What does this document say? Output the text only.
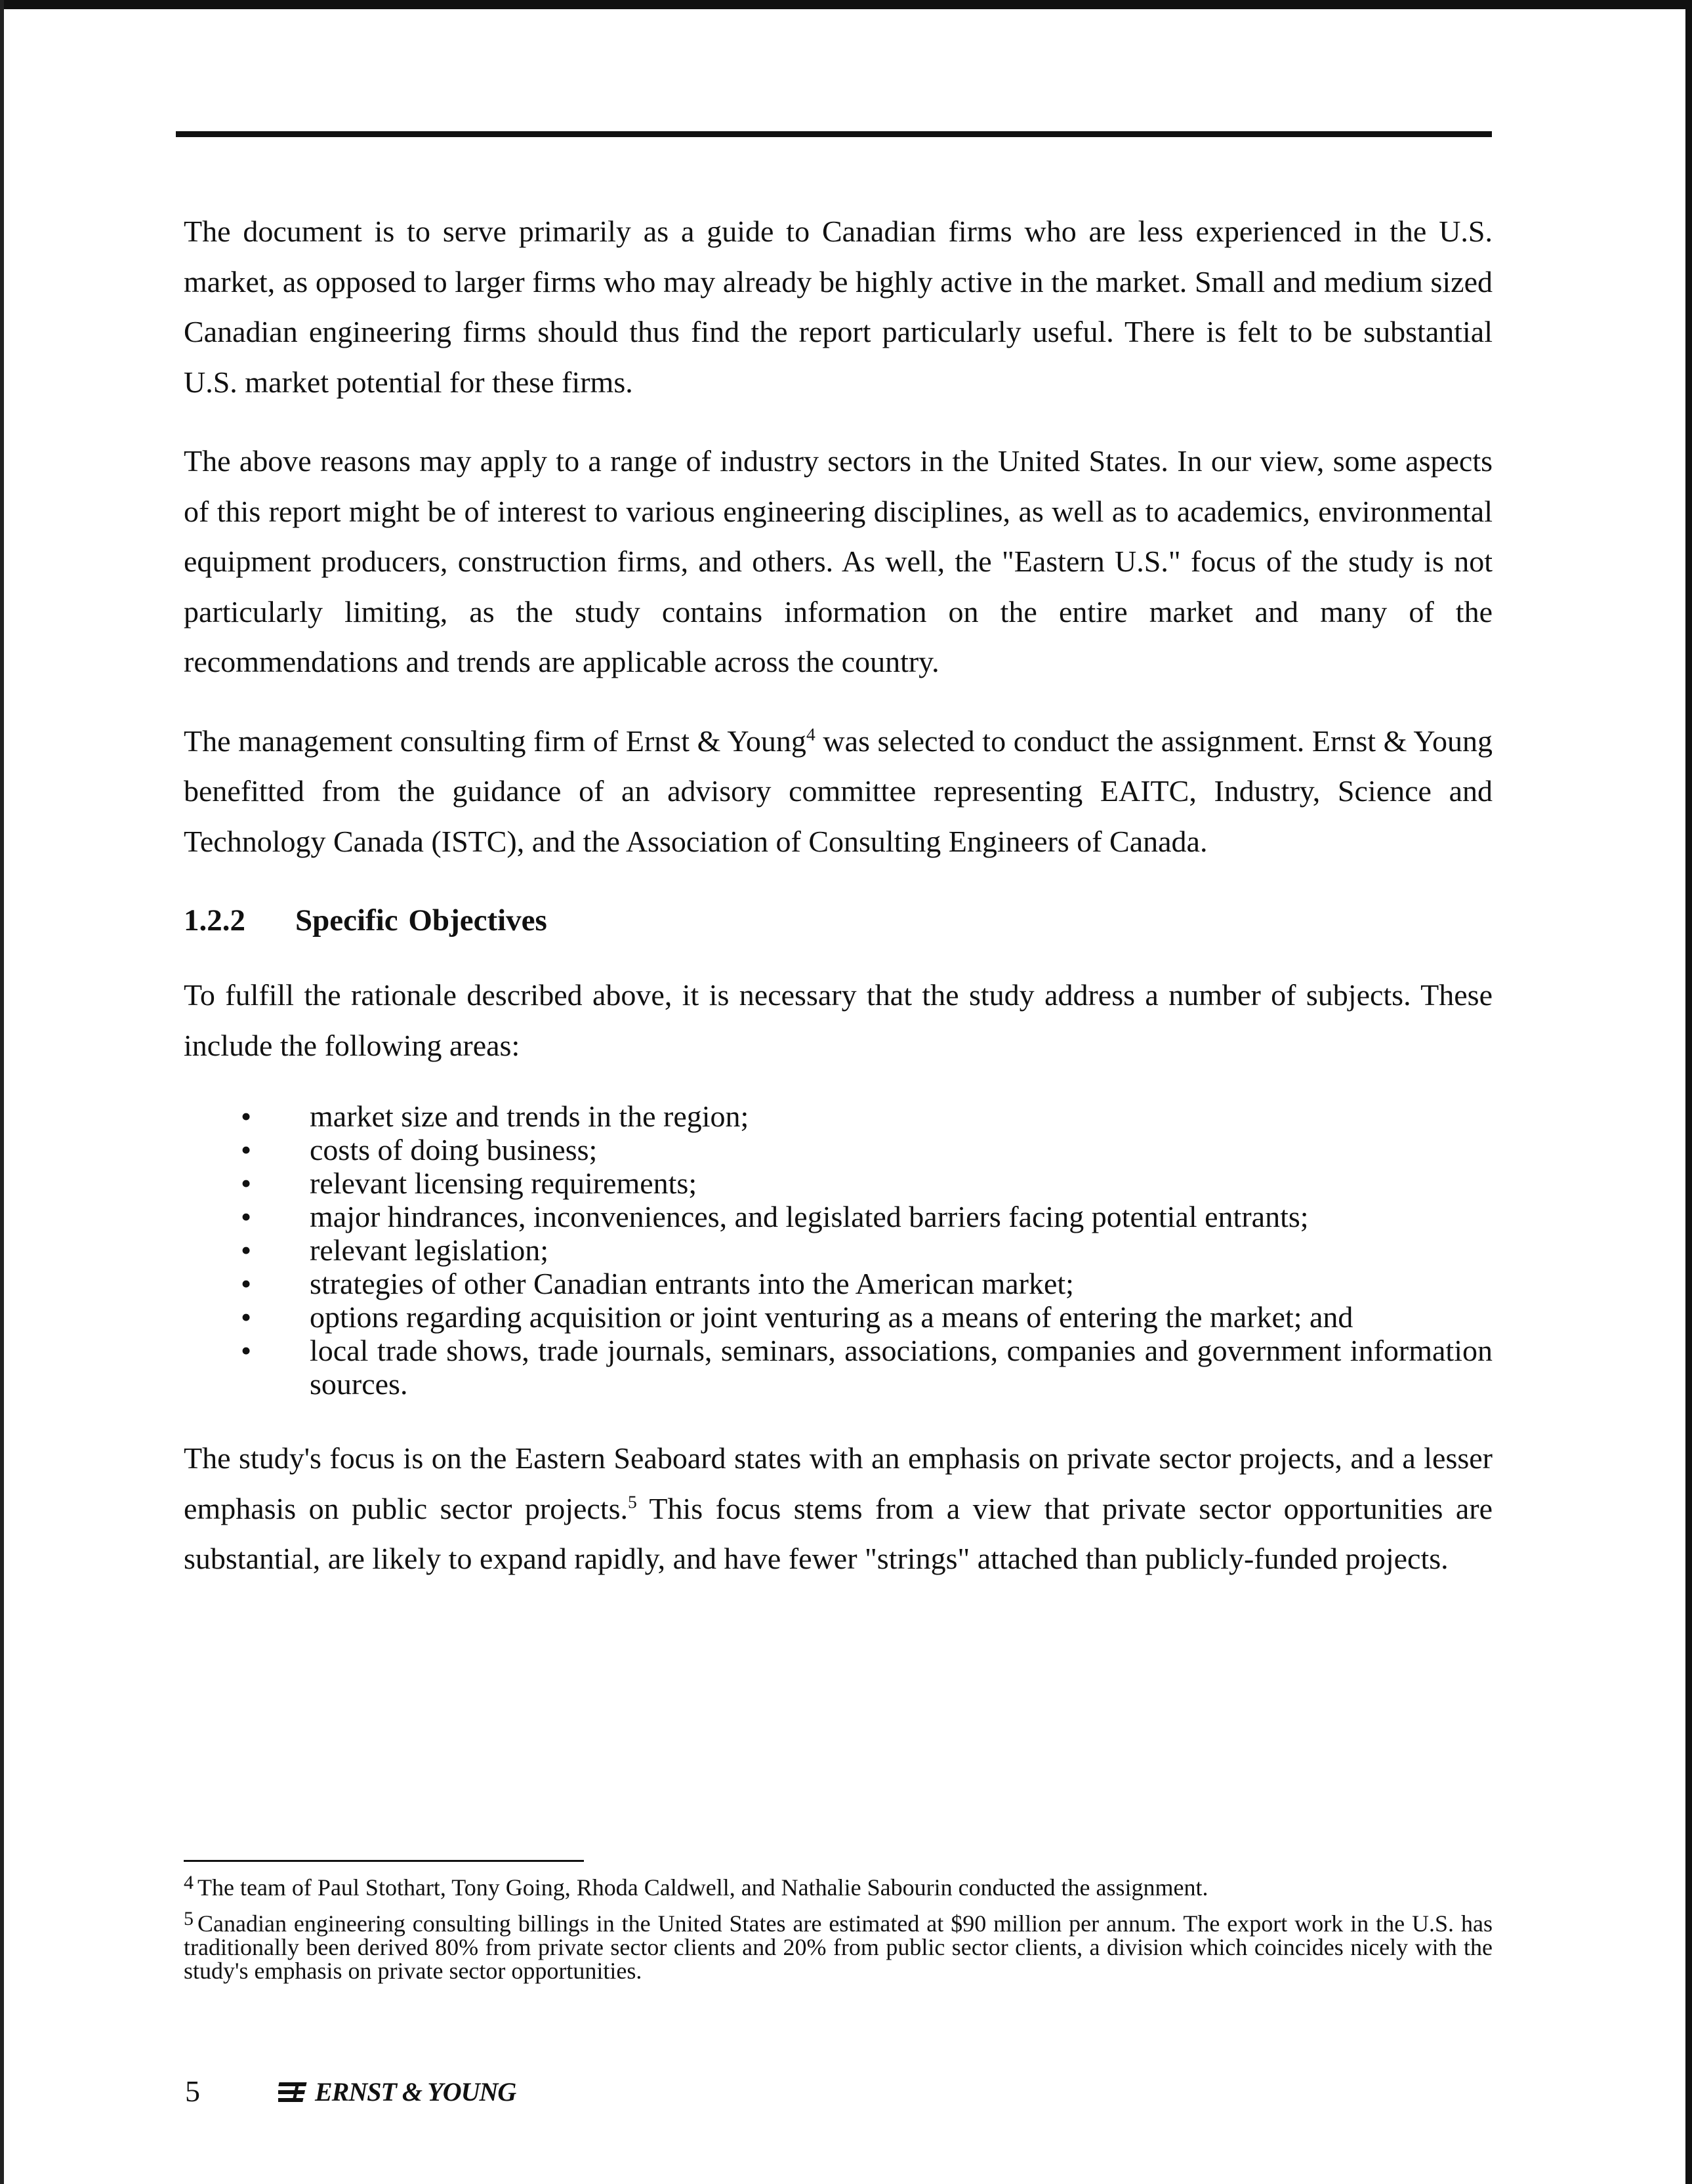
The document is to serve primarily as a guide to Canadian firms who are less experienced in the U.S. market, as opposed to larger firms who may already be highly active in the market. Small and medium sized Canadian engineering firms should thus find the report particularly useful. There is felt to be substantial U.S. market potential for these firms.

The above reasons may apply to a range of industry sectors in the United States. In our view, some aspects of this report might be of interest to various engineering disciplines, as well as to academics, environmental equipment producers, construction firms, and others. As well, the "Eastern U.S." focus of the study is not particularly limiting, as the study contains information on the entire market and many of the recommendations and trends are applicable across the country.

The management consulting firm of Ernst & Young$^4$ was selected to conduct the assignment. Ernst & Young benefitted from the guidance of an advisory committee representing EAITC, Industry, Science and Technology Canada (ISTC), and the Association of Consulting Engineers of Canada.

1.2.2 Specific Objectives

To fulfill the rationale described above, it is necessary that the study address a number of subjects. These include the following areas:

• market size and trends in the region;
• costs of doing business;
• relevant licensing requirements;
• major hindrances, inconveniences, and legislated barriers facing potential entrants;
• relevant legislation;
• strategies of other Canadian entrants into the American market;
• options regarding acquisition or joint venturing as a means of entering the market; and
• local trade shows, trade journals, seminars, associations, companies and government information sources.

The study's focus is on the Eastern Seaboard states with an emphasis on private sector projects, and a lesser emphasis on public sector projects.$^5$ This focus stems from a view that private sector opportunities are substantial, are likely to expand rapidly, and have fewer "strings" attached than publicly-funded projects.

$^4$ The team of Paul Stothart, Tony Going, Rhoda Caldwell, and Nathalie Sabourin conducted the assignment.

$^5$ Canadian engineering consulting billings in the United States are estimated at $90 million per annum. The export work in the U.S. has traditionally been derived 80% from private sector clients and 20% from public sector clients, a division which coincides nicely with the study's emphasis on private sector opportunities.

5	ERNST & YOUNG
